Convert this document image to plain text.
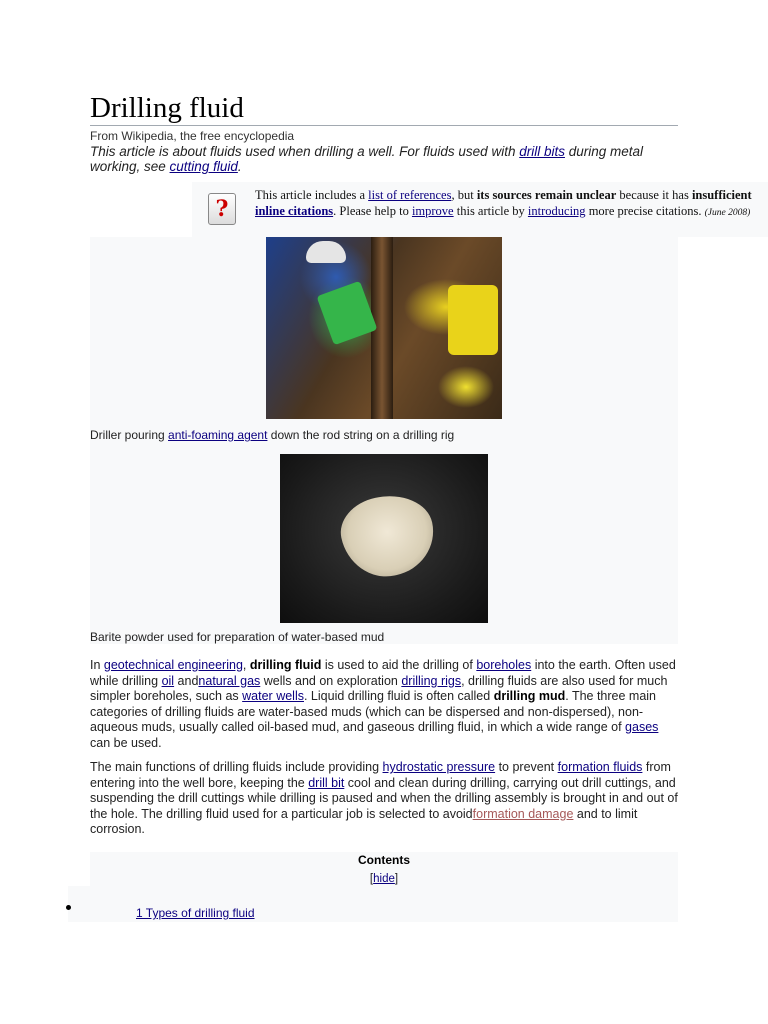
Drilling fluid
From Wikipedia, the free encyclopedia
This article is about fluids used when drilling a well. For fluids used with drill bits during metal working, see cutting fluid.
?
This article includes a list of references, but its sources remain unclear because it has insufficient inline citations. Please help to improve this article by introducing more precise citations. (June 2008)
Driller pouring anti-foaming agent down the rod string on a drilling rig
Barite powder used for preparation of water-based mud
In geotechnical engineering, drilling fluid is used to aid the drilling of boreholes into the earth. Often used while drilling oil andnatural gas wells and on exploration drilling rigs, drilling fluids are also used for much simpler boreholes, such as water wells. Liquid drilling fluid is often called drilling mud. The three main categories of drilling fluids are water-based muds (which can be dispersed and non-dispersed), non-aqueous muds, usually called oil-based mud, and gaseous drilling fluid, in which a wide range of gases can be used.
The main functions of drilling fluids include providing hydrostatic pressure to prevent formation fluids from entering into the well bore, keeping the drill bit cool and clean during drilling, carrying out drill cuttings, and suspending the drill cuttings while drilling is paused and when the drilling assembly is brought in and out of the hole. The drilling fluid used for a particular job is selected to avoidformation damage and to limit corrosion.
Contents
[hide]
1 Types of drilling fluid
